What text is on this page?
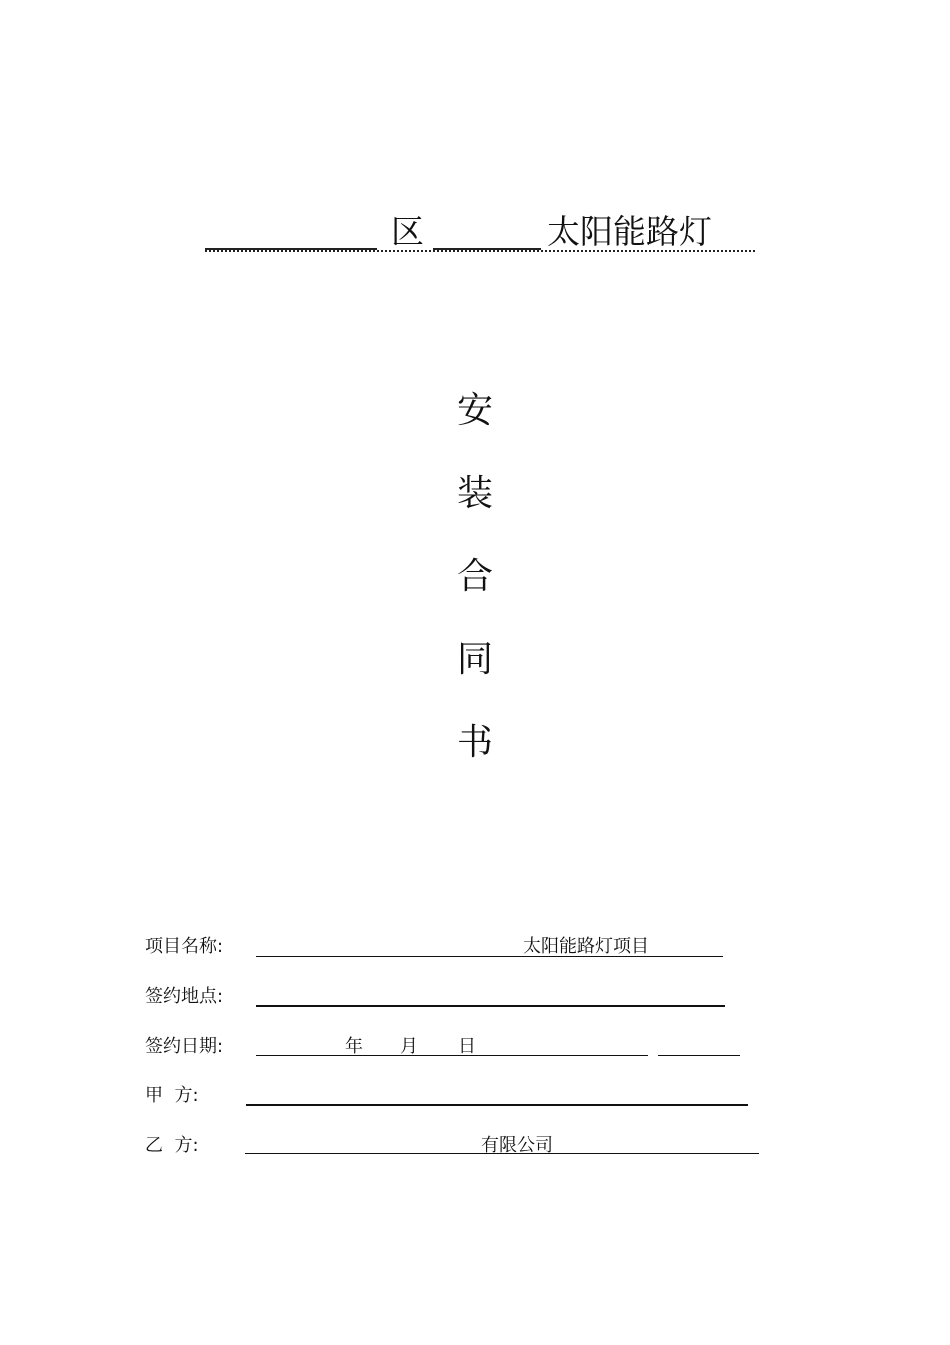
区	太阳能路灯
安
装
合
同
书
项目名称:	太阳能路灯项目
签约地点:
签约日期:	年 月 日
甲  方:
乙  方:	有限公司
